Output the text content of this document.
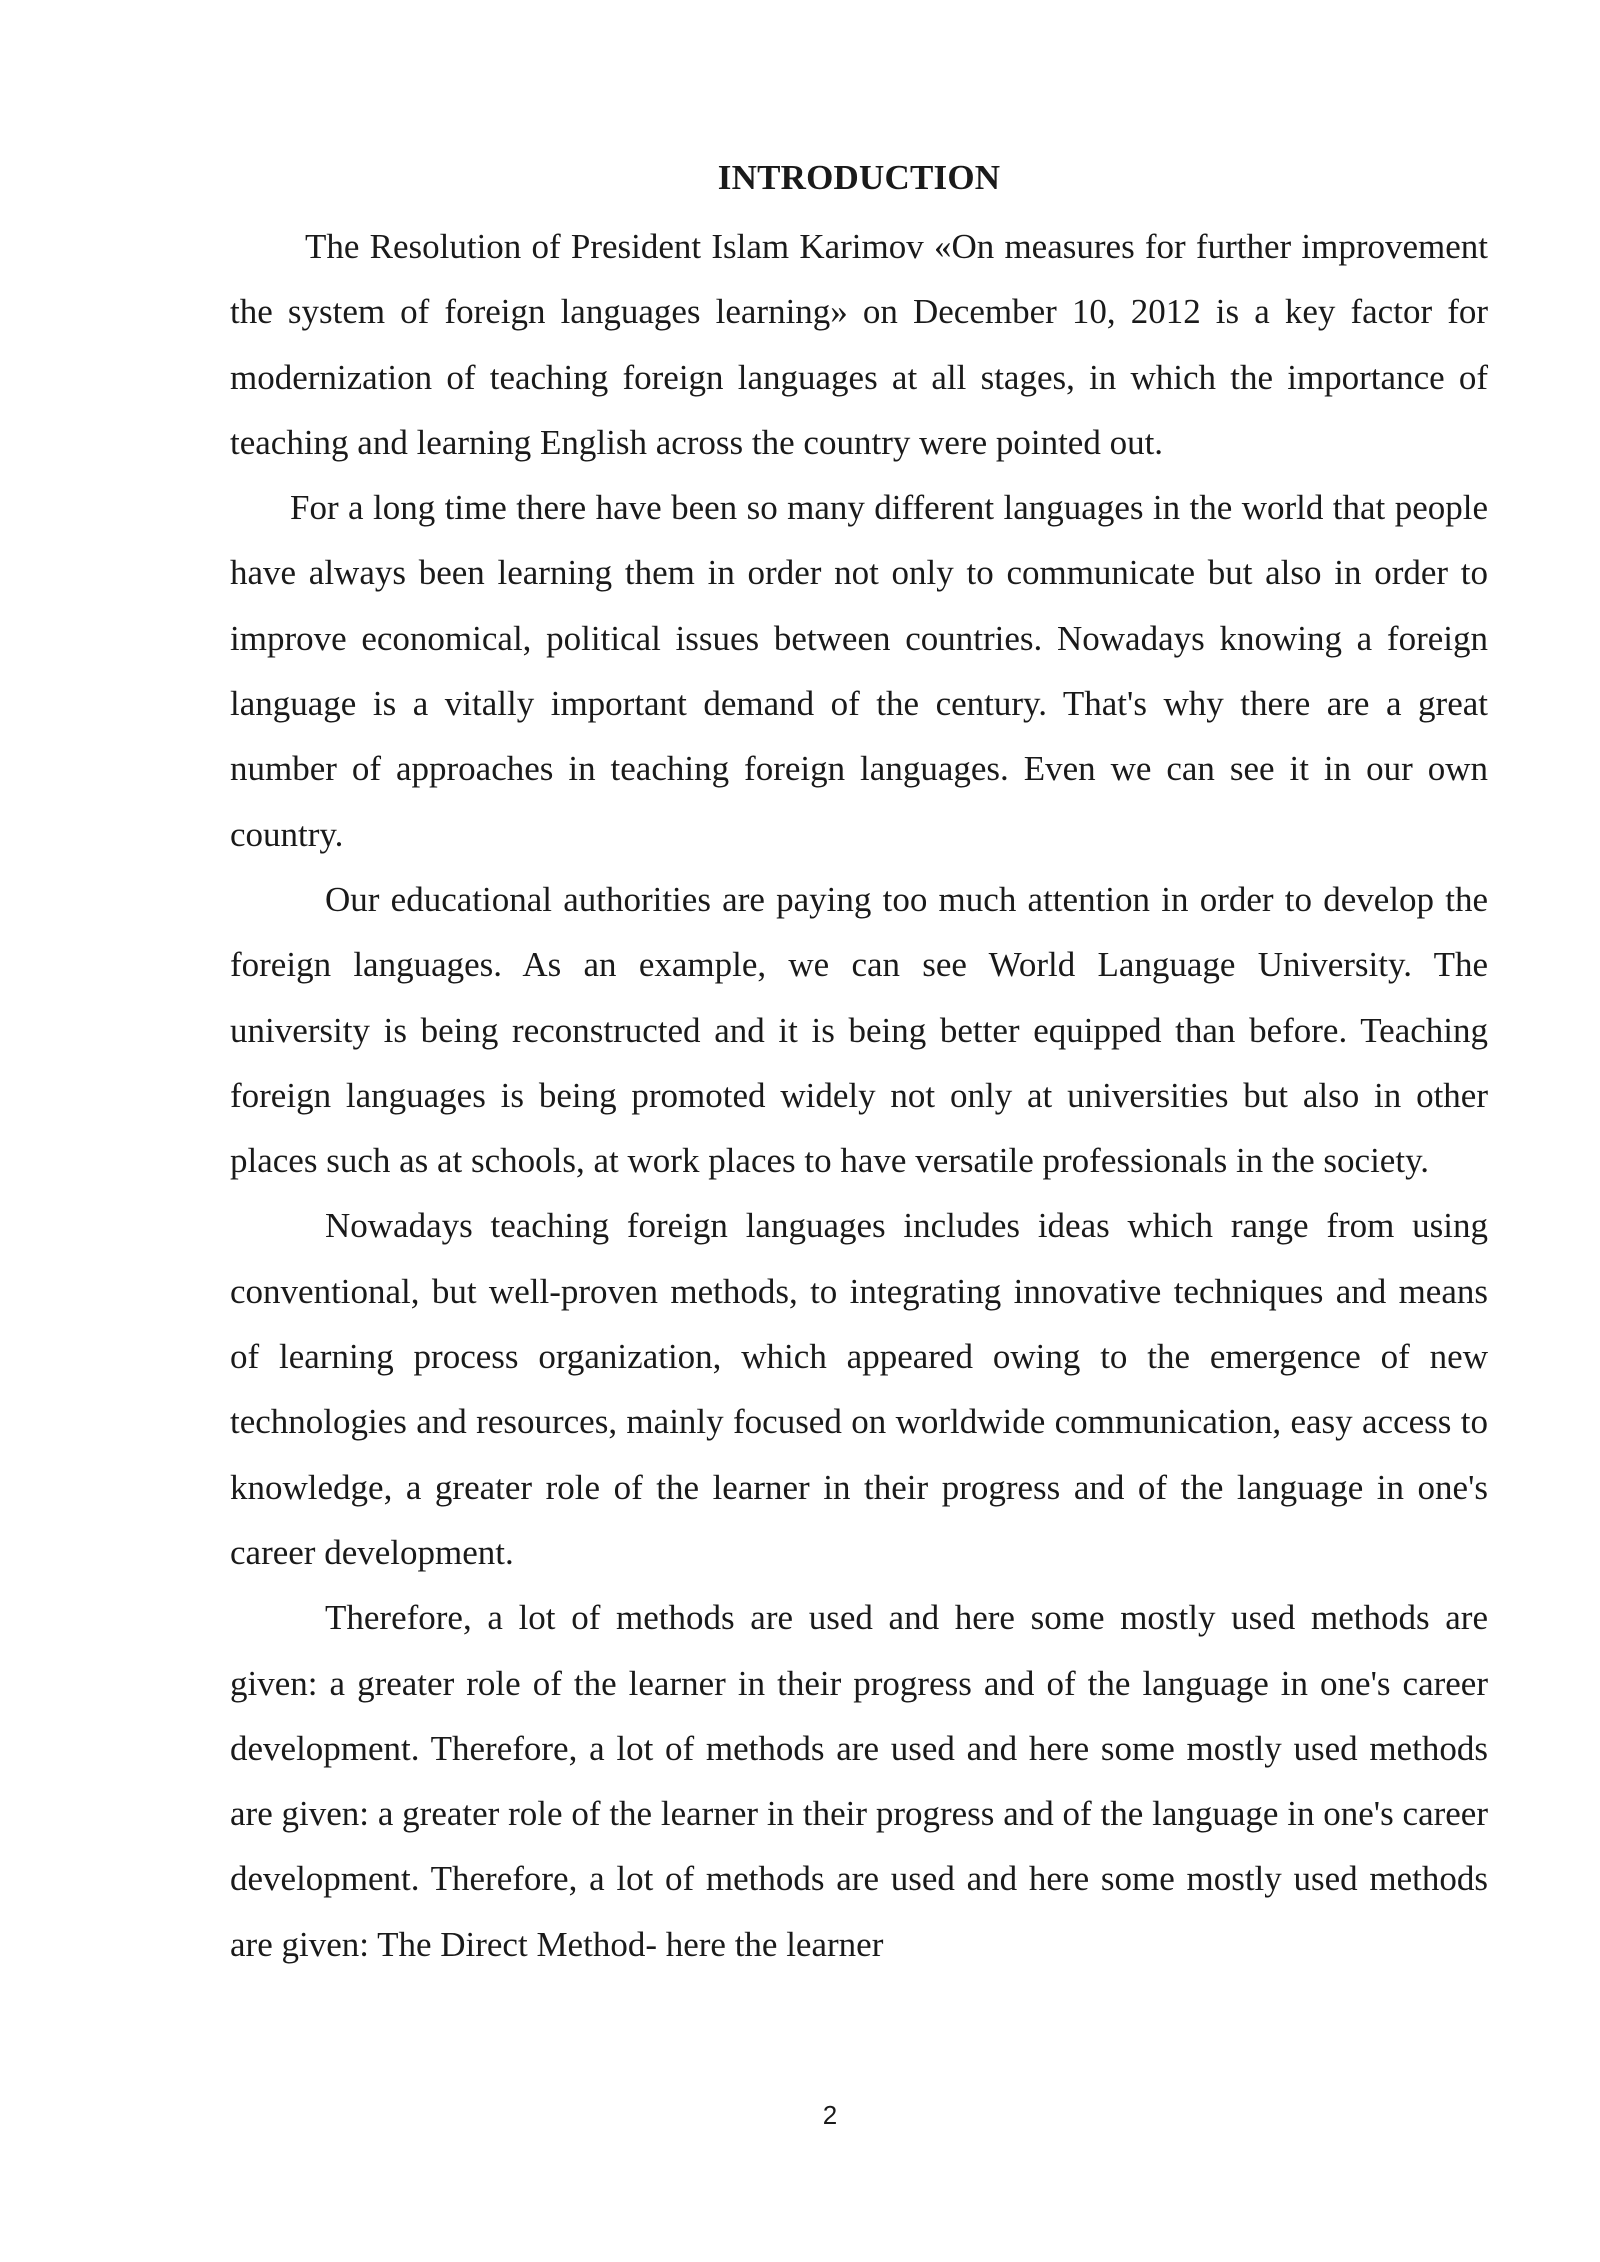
INTRODUCTION

The Resolution of President Islam Karimov «On measures for further improvement the system of foreign languages learning» on December 10, 2012 is a key factor for modernization of teaching foreign languages at all stages, in which the importance of teaching and learning English across the country were pointed out.

For a long time there have been so many different languages in the world that people have always been learning them in order not only to communicate but also in order to improve economical, political issues between countries. Nowadays knowing a foreign language is a vitally important demand of the century. That's why there are a great number of approaches in teaching foreign languages. Even we can see it in our own country.

Our educational authorities are paying too much attention in order to develop the foreign languages. As an example, we can see World Language University. The university is being reconstructed and it is being better equipped than before. Teaching foreign languages is being promoted widely not only at universities but also in other places such as at schools, at work places to have versatile professionals in the society.

Nowadays teaching foreign languages includes ideas which range from using conventional, but well-proven methods, to integrating innovative techniques and means of learning process organization, which appeared owing to the emergence of new technologies and resources, mainly focused on worldwide communication, easy access to knowledge, a greater role of the learner in their progress and of the language in one's career development.

Therefore, a lot of methods are used and here some mostly used methods are given: a greater role of the learner in their progress and of the language in one's career development. Therefore, a lot of methods are used and here some mostly used methods are given: a greater role of the learner in their progress and of the language in one's career development. Therefore, a lot of methods are used and here some mostly used methods are given: The Direct Method- here the learner

2
